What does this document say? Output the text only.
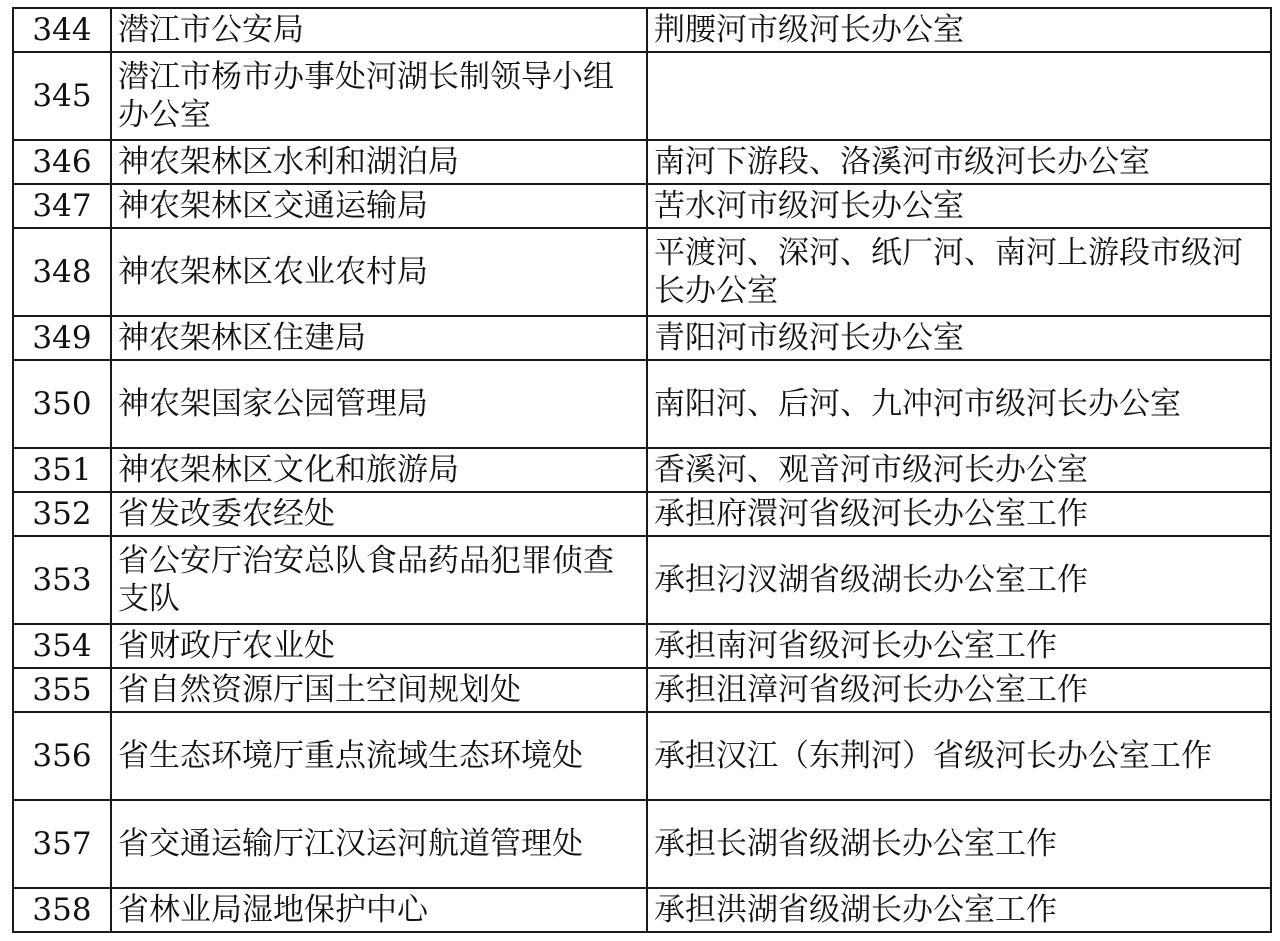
344	潜江市公安局	荆腰河市级河长办公室
345	潜江市杨市办事处河湖长制领导小组办公室	
346	神农架林区水利和湖泊局	南河下游段、洛溪河市级河长办公室
347	神农架林区交通运输局	苦水河市级河长办公室
348	神农架林区农业农村局	平渡河、深河、纸厂河、南河上游段市级河长办公室
349	神农架林区住建局	青阳河市级河长办公室
350	神农架国家公园管理局	南阳河、后河、九冲河市级河长办公室
351	神农架林区文化和旅游局	香溪河、观音河市级河长办公室
352	省发改委农经处	承担府澴河省级河长办公室工作
353	省公安厅治安总队食品药品犯罪侦查支队	承担汈汊湖省级湖长办公室工作
354	省财政厅农业处	承担南河省级河长办公室工作
355	省自然资源厅国土空间规划处	承担沮漳河省级河长办公室工作
356	省生态环境厅重点流域生态环境处	承担汉江（东荆河）省级河长办公室工作
357	省交通运输厅江汉运河航道管理处	承担长湖省级湖长办公室工作
358	省林业局湿地保护中心	承担洪湖省级湖长办公室工作
